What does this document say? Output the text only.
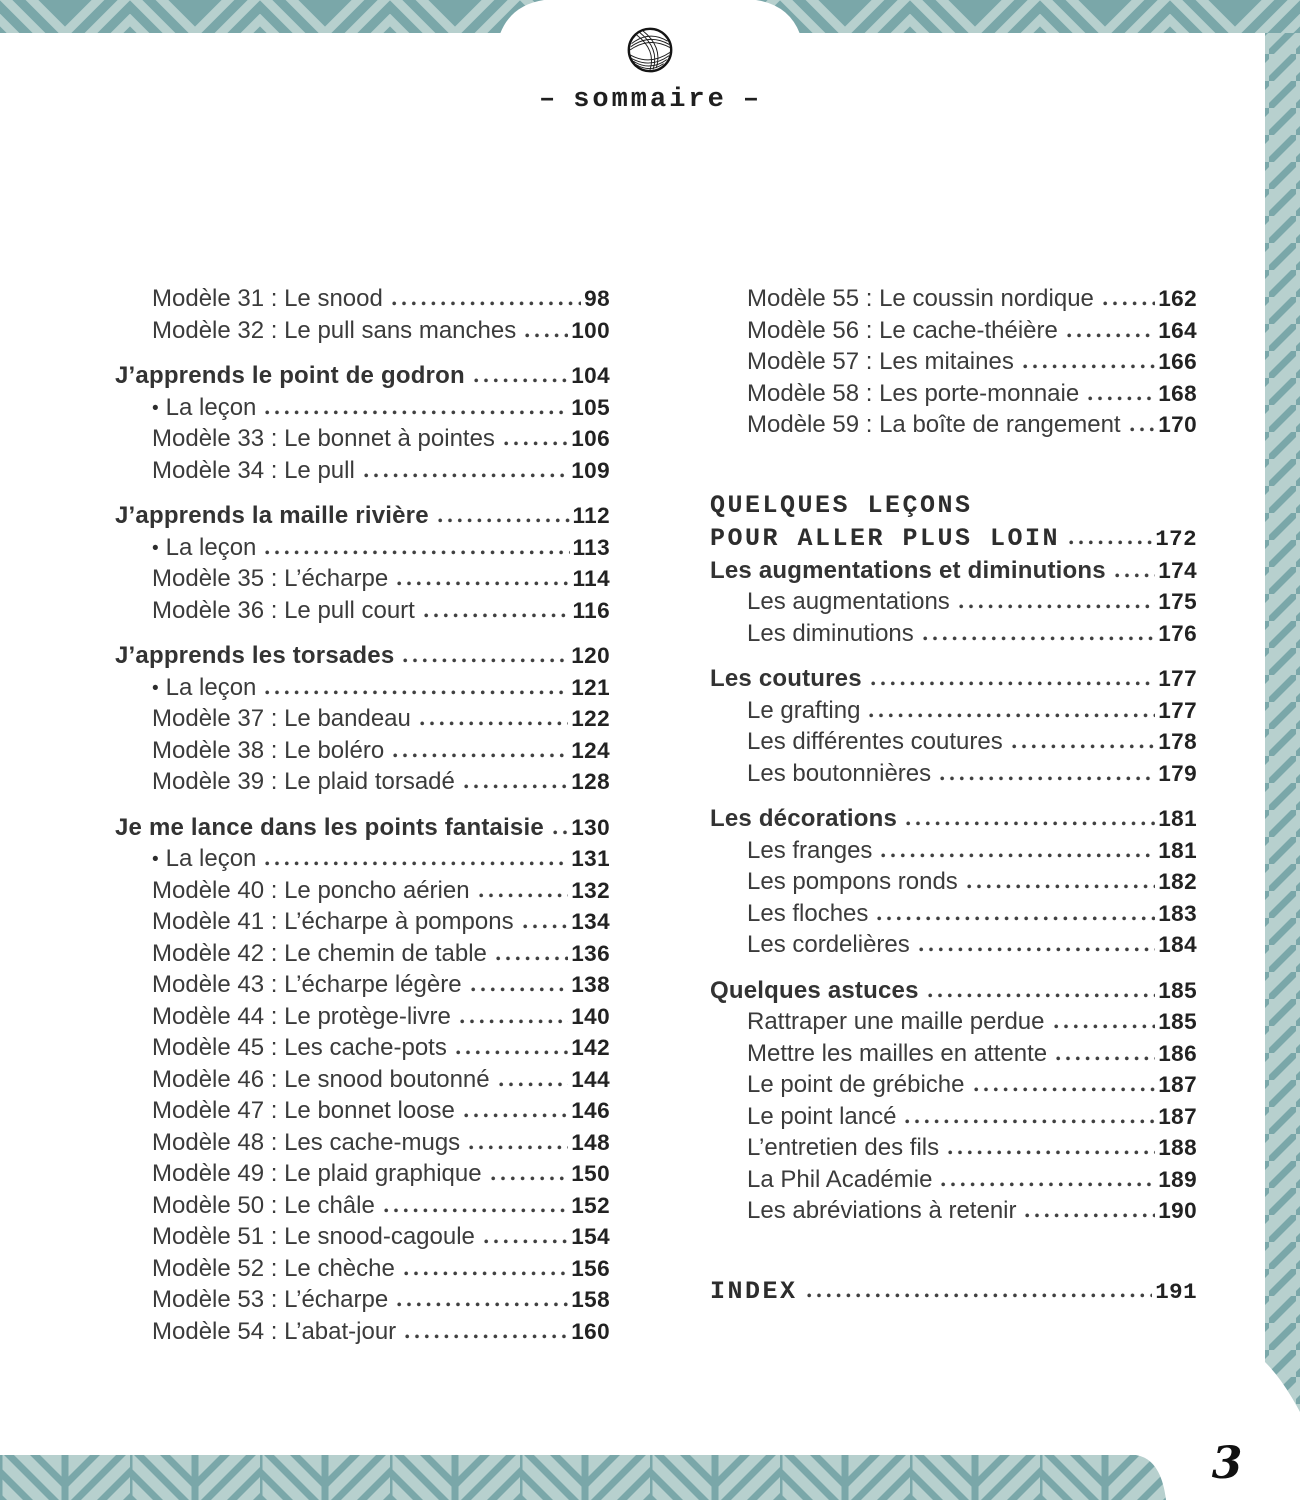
– sommaire –
Modèle 31 : Le snood	98
Modèle 32 : Le pull sans manches 100
J’apprends le point de godron	104
• La leçon	105
Modèle 33 : Le bonnet à pointes	106
Modèle 34 : Le pull	109
J’apprends la maille rivière	112
• La leçon	113
Modèle 35 : L’écharpe	114
Modèle 36 : Le pull court	116
J’apprends les torsades	120
• La leçon	121
Modèle 37 : Le bandeau	122
Modèle 38 : Le boléro	124
Modèle 39 : Le plaid torsadé	128
Je me lance dans les points fantaisie 130
• La leçon	131
Modèle 40 : Le poncho aérien	132
Modèle 41 : L’écharpe à pompons	134
Modèle 42 : Le chemin de table	136
Modèle 43 : L’écharpe légère	138
Modèle 44 : Le protège-livre	140
Modèle 45 : Les cache-pots	142
Modèle 46 : Le snood boutonné	144
Modèle 47 : Le bonnet loose	146
Modèle 48 : Les cache-mugs	148
Modèle 49 : Le plaid graphique	150
Modèle 50 : Le châle	152
Modèle 51 : Le snood-cagoule	154
Modèle 52 : Le chèche	156
Modèle 53 : L’écharpe	158
Modèle 54 : L’abat-jour	160
Modèle 55 : Le coussin nordique	162
Modèle 56 : Le cache-théière	164
Modèle 57 : Les mitaines	166
Modèle 58 : Les porte-monnaie	168
Modèle 59 : La boîte de rangement 170
QUELQUES LEÇONS
POUR ALLER PLUS LOIN	172
Les augmentations et diminutions 174
Les augmentations	175
Les diminutions	176
Les coutures	177
Le grafting	177
Les différentes coutures	178
Les boutonnières	179
Les décorations	181
Les franges	181
Les pompons ronds	182
Les floches	183
Les cordelières	184
Quelques astuces	185
Rattraper une maille perdue	185
Mettre les mailles en attente	186
Le point de grébiche	187
Le point lancé	187
L’entretien des fils	188
La Phil Académie	189
Les abréviations à retenir	190
INDEX	191
3
